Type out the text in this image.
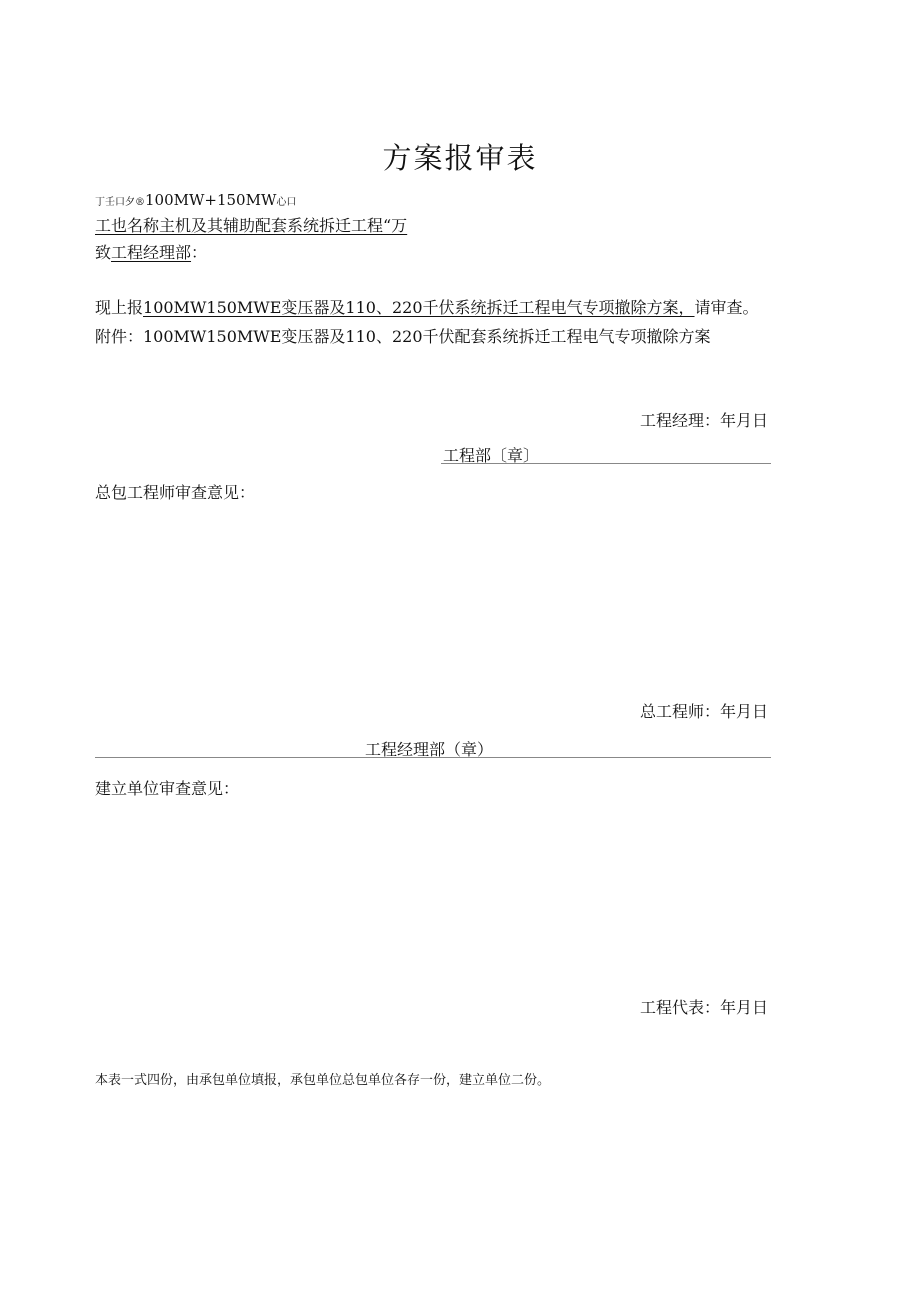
方案报审表
丁壬口夕®100MW+150MW心口
工也名称主机及其辅助配套系统拆迁工程“万
致工程经理部：
现上报100MW150MWE变压器及110、220千伏系统拆迁工程电气专项撤除方案，请审查。
附件：100MW150MWE变压器及110、220千伏配套系统拆迁工程电气专项撤除方案
工程经理：年月日
工程部〔章〕
总包工程师审查意见：
总工程师：年月日
工程经理部（章）
建立单位审查意见：
工程代表：年月日
本表一式四份，由承包单位填报，承包单位总包单位各存一份，建立单位二份。
